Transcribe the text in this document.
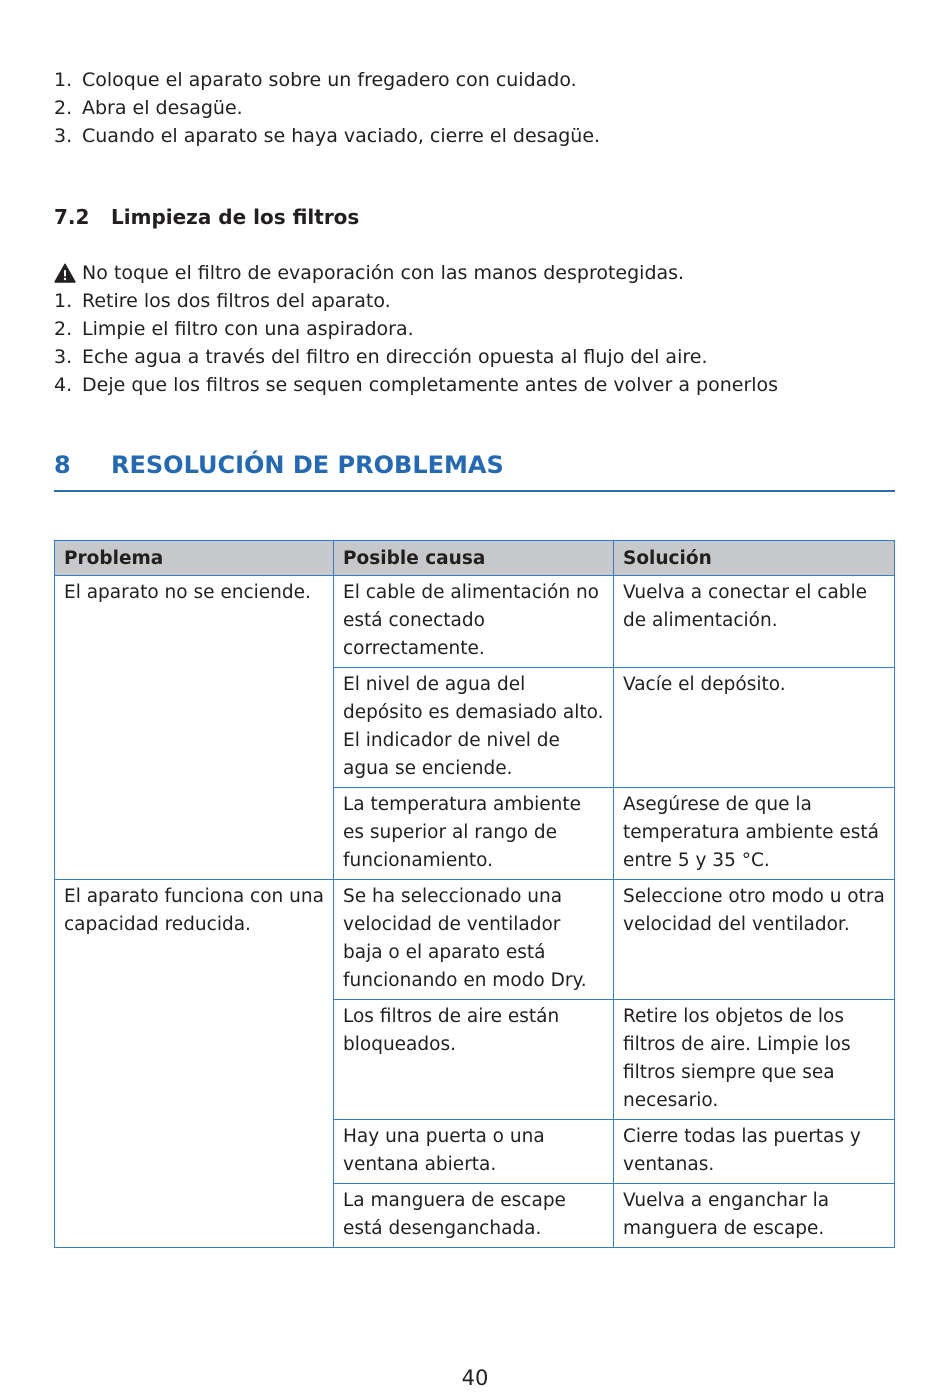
1. Coloque el aparato sobre un fregadero con cuidado.
2. Abra el desagüe.
3. Cuando el aparato se haya vaciado, cierre el desagüe.
7.2 Limpieza de los filtros
No toque el filtro de evaporación con las manos desprotegidas.
1. Retire los dos filtros del aparato.
2. Limpie el filtro con una aspiradora.
3. Eche agua a través del filtro en dirección opuesta al flujo del aire.
4. Deje que los filtros se sequen completamente antes de volver a ponerlos
8 RESOLUCIÓN DE PROBLEMAS
Problema	Posible causa	Solución
El aparato no se enciende.	El cable de alimentación no está conectado correctamente.	Vuelva a conectar el cable de alimentación.
	El nivel de agua del depósito es demasiado alto. El indicador de nivel de agua se enciende.	Vacíe el depósito.
	La temperatura ambiente es superior al rango de funcionamiento.	Asegúrese de que la temperatura ambiente está entre 5 y 35 °C.
El aparato funciona con una capacidad reducida.	Se ha seleccionado una velocidad de ventilador baja o el aparato está funcionando en modo Dry.	Seleccione otro modo u otra velocidad del ventilador.
	Los filtros de aire están bloqueados.	Retire los objetos de los filtros de aire. Limpie los filtros siempre que sea necesario.
	Hay una puerta o una ventana abierta.	Cierre todas las puertas y ventanas.
	La manguera de escape está desenganchada.	Vuelva a enganchar la manguera de escape.
40
